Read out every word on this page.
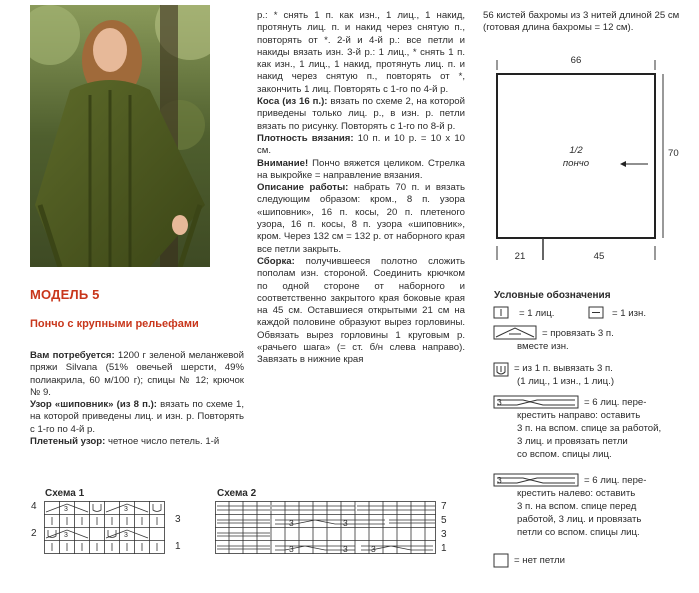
МОДЕЛЬ 5
Пончо с крупными рельефами
Вам потребуется: 1200 г зеленой меланжевой пряжи Silvana (51% овечьей шерсти, 49% полиакрила, 60 м/100 г); спицы № 12; крючок № 9.
Узор «шиповник» (из 8 п.): вязать по схеме 1, на которой приведены лиц. и изн. р. Повторять с 1-го по 4-й р.
Плетеный узор: четное число петель. 1-й
р.: * снять 1 п. как изн., 1 лиц., 1 накид, протянуть лиц. п. и накид через снятую п., повторять от *. 2-й и 4-й р.: все петли и накиды вязать изн. 3-й р.: 1 лиц., * снять 1 п. как изн., 1 лиц., 1 накид, протянуть лиц. п. и накид через снятую п., повторять от *, закончить 1 лиц. Повторять с 1-го по 4-й р.
Коса (из 16 п.): вязать по схеме 2, на которой приведены только лиц. р., в изн. р. петли вязать по рисунку. Повторять с 1-го по 8-й р.
Плотность вязания: 10 п. и 10 р. = 10 х 10 см.
Внимание! Пончо вяжется целиком. Стрелка на выкройке = направление вязания.
Описание работы: набрать 70 п. и вязать следующим образом: кром., 8 п. узора «шиповник», 16 п. косы, 20 п. плетеного узора, 16 п. косы, 8 п. узора «шиповник», кром. Через 132 см = 132 р. от наборного края все петли закрыть.
Сборка: получившееся полотно сложить пополам изн. стороной. Соединить крючком по одной стороне от наборного и соответственно закрытого края боковые края на 45 см. Оставшиеся открытыми 21 см на каждой половине образуют вырез горловины. Обвязать вырез горловины 1 круговым р. «рачьего шага» (= ст. б/н слева направо). Завязать в нижние края
56 кистей бахромы из 3 нитей длиной 25 см (готовая длина бахромы = 12 см).
66
1/2
пончо
70
21	45
Условные обозначения
3
3
= 1 лиц.	= 1 изн.
= провязать 3 п.
вместе изн.
= из 1 п. вывязать 3 п.
(1 лиц., 1 изн., 1 лиц.)
= 6 лиц. пере-
крестить направо: оставить
3 п. на вспом. спице за работой,
3 лиц. и провязать петли
со вспом. спицы лиц.
= 6 лиц. пере-
крестить налево: оставить
3 п. на вспом. спице перед
работой, 3 лиц. и провязать
петли со вспом. спицы лиц.
= нет петли
Схема 1
4
2
3
1
3	3
3	3
Схема 2
7
5
3
1
3	3
3	3	3
